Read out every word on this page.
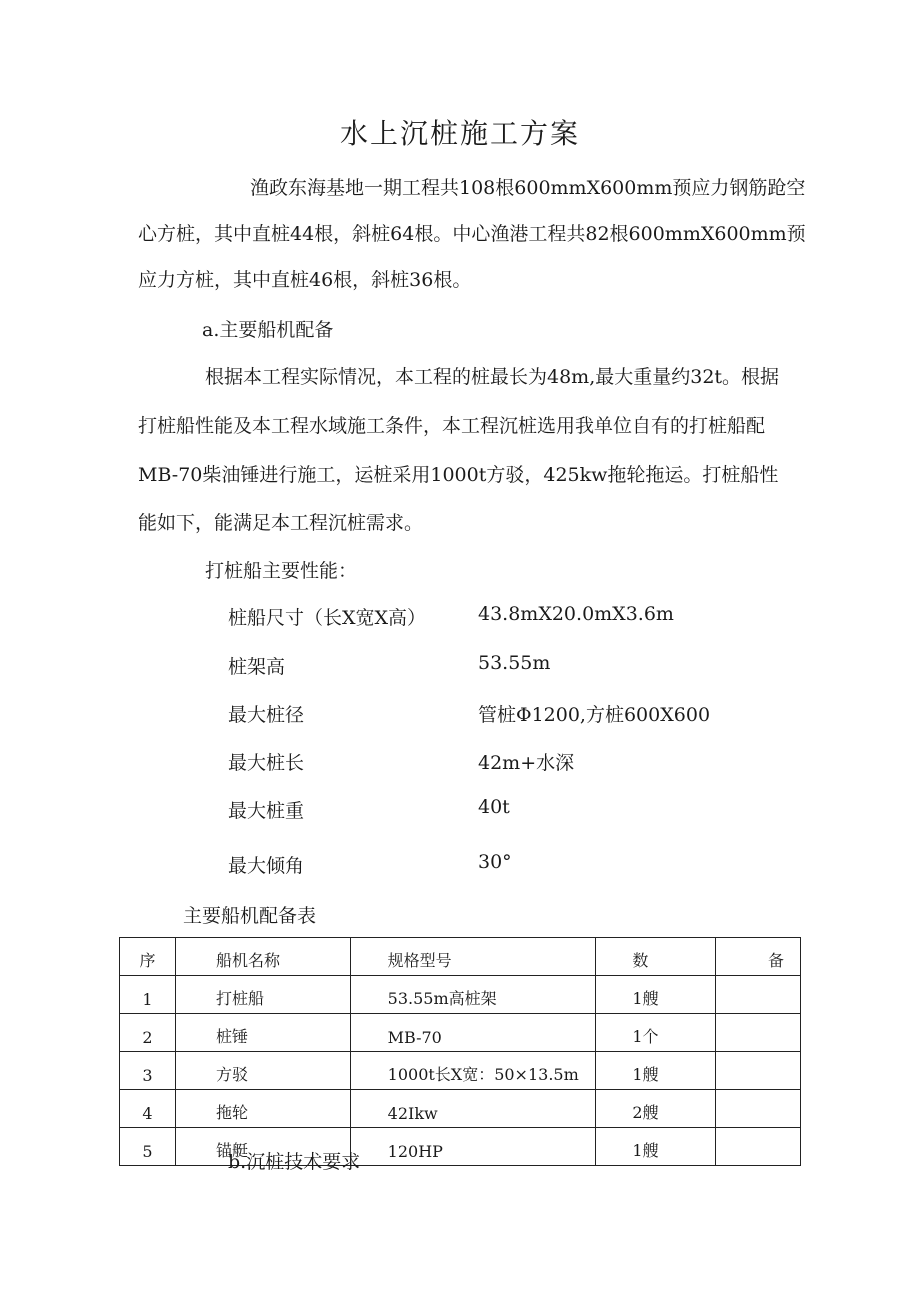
水上沉桩施工方案
渔政东海基地一期工程共108根600mmX600mm预应力钢筋跄空
心方桩，其中直桩44根，斜桩64根。中心渔港工程共82根600mmX600mm预
应力方桩，其中直桩46根，斜桩36根。
a.主要船机配备
根据本工程实际情况，本工程的桩最长为48m,最大重量约32t。根据
打桩船性能及本工程水域施工条件，本工程沉桩选用我单位自有的打桩船配
MB-70柴油锤进行施工，运桩采用1000t方驳，425kw拖轮拖运。打桩船性
能如下，能满足本工程沉桩需求。
打桩船主要性能：
桩船尺寸（长X宽X高）	43.8mX20.0mX3.6m
桩架高	53.55m
最大桩径	管桩Φ1200,方桩600X600
最大桩长	42m+水深
最大桩重	40t
最大倾角	30°
主要船机配备表
序	船机名称	规格型号	数	备
1	打桩船	53.55m高桩架	1艘	
2	桩锤	MB-70	1个	
3	方驳	1000t长X宽：50×13.5m	1艘	
4	拖轮	42Ikw	2艘	
5	锚艇	120HP	1艘	
b.沉桩技术要求
